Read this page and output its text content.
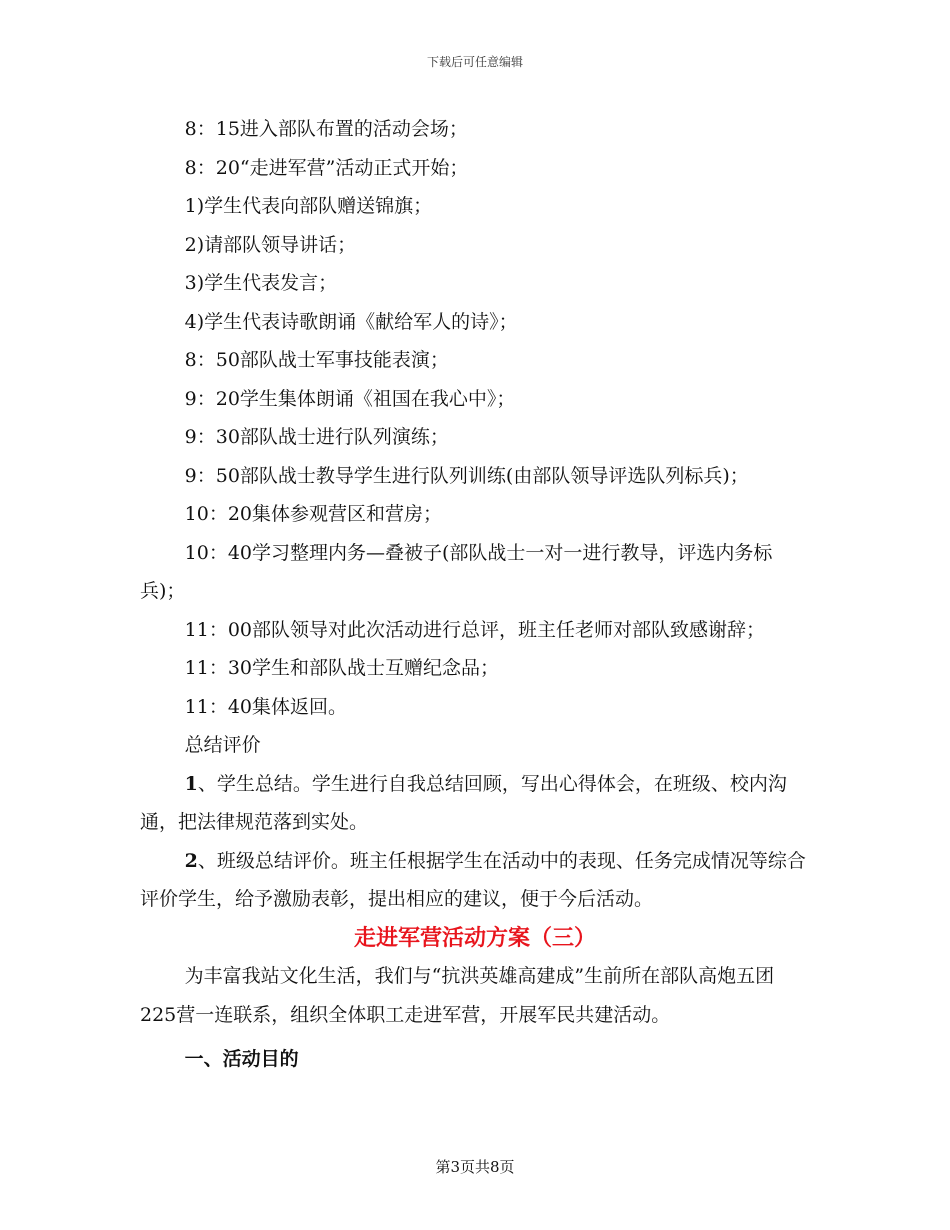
下载后可任意编辑

8：15进入部队布置的活动会场；

8：20“走进军营”活动正式开始；

1)学生代表向部队赠送锦旗；

2)请部队领导讲话；

3)学生代表发言；

4)学生代表诗歌朗诵《献给军人的诗》；

8：50部队战士军事技能表演；

9：20学生集体朗诵《祖国在我心中》；

9：30部队战士进行队列演练；

9：50部队战士教导学生进行队列训练(由部队领导评选队列标兵)；

10：20集体参观营区和营房；

10：40学习整理内务—叠被子(部队战士一对一进行教导，评选内务标兵)；

11：00部队领导对此次活动进行总评，班主任老师对部队致感谢辞；

11：30学生和部队战士互赠纪念品；

11：40集体返回。

总结评价

1、学生总结。学生进行自我总结回顾，写出心得体会，在班级、校内沟通，把法律规范落到实处。

2、班级总结评价。班主任根据学生在活动中的表现、任务完成情况等综合评价学生，给予激励表彰，提出相应的建议，便于今后活动。

走进军营活动方案（三）

为丰富我站文化生活，我们与“抗洪英雄高建成”生前所在部队高炮五团225营一连联系，组织全体职工走进军营，开展军民共建活动。

一、活动目的

第3页共8页
